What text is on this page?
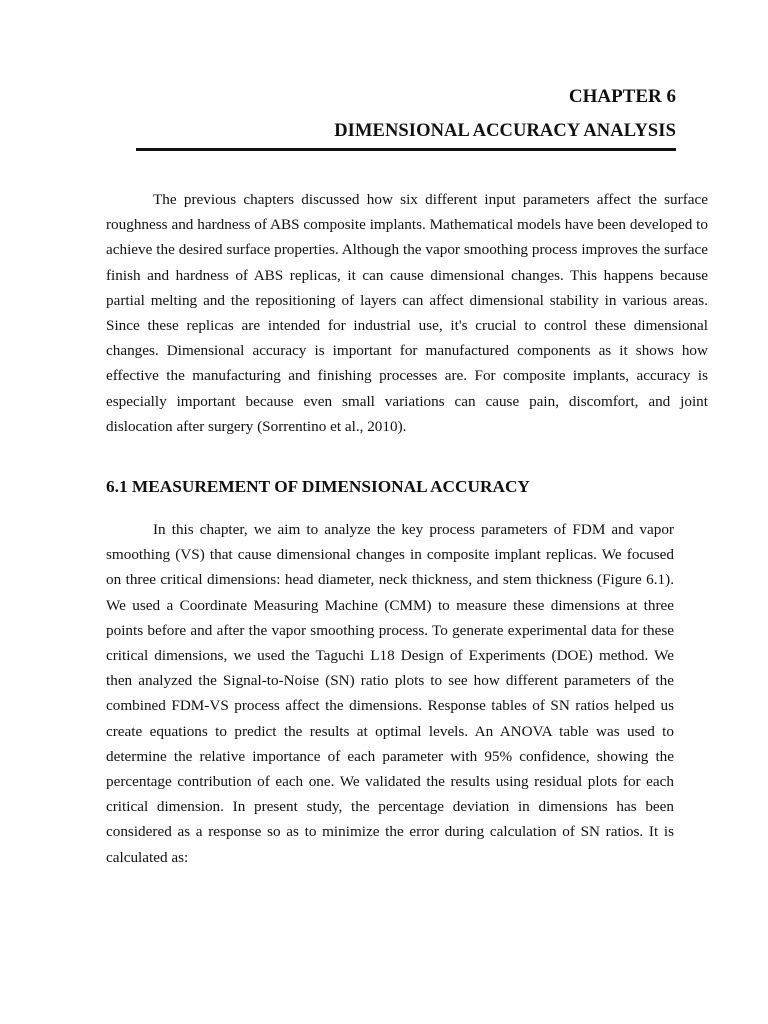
CHAPTER 6

DIMENSIONAL ACCURACY ANALYSIS

The previous chapters discussed how six different input parameters affect the surface roughness and hardness of ABS composite implants. Mathematical models have been developed to achieve the desired surface properties. Although the vapor smoothing process improves the surface finish and hardness of ABS replicas, it can cause dimensional changes. This happens because partial melting and the repositioning of layers can affect dimensional stability in various areas. Since these replicas are intended for industrial use, it's crucial to control these dimensional changes. Dimensional accuracy is important for manufactured components as it shows how effective the manufacturing and finishing processes are. For composite implants, accuracy is especially important because even small variations can cause pain, discomfort, and joint dislocation after surgery (Sorrentino et al., 2010).

6.1 MEASUREMENT OF DIMENSIONAL ACCURACY

In this chapter, we aim to analyze the key process parameters of FDM and vapor smoothing (VS) that cause dimensional changes in composite implant replicas. We focused on three critical dimensions: head diameter, neck thickness, and stem thickness (Figure 6.1). We used a Coordinate Measuring Machine (CMM) to measure these dimensions at three points before and after the vapor smoothing process. To generate experimental data for these critical dimensions, we used the Taguchi L18 Design of Experiments (DOE) method. We then analyzed the Signal-to-Noise (SN) ratio plots to see how different parameters of the combined FDM-VS process affect the dimensions. Response tables of SN ratios helped us create equations to predict the results at optimal levels. An ANOVA table was used to determine the relative importance of each parameter with 95% confidence, showing the percentage contribution of each one. We validated the results using residual plots for each critical dimension. In present study, the percentage deviation in dimensions has been considered as a response so as to minimize the error during calculation of SN ratios. It is calculated as:
